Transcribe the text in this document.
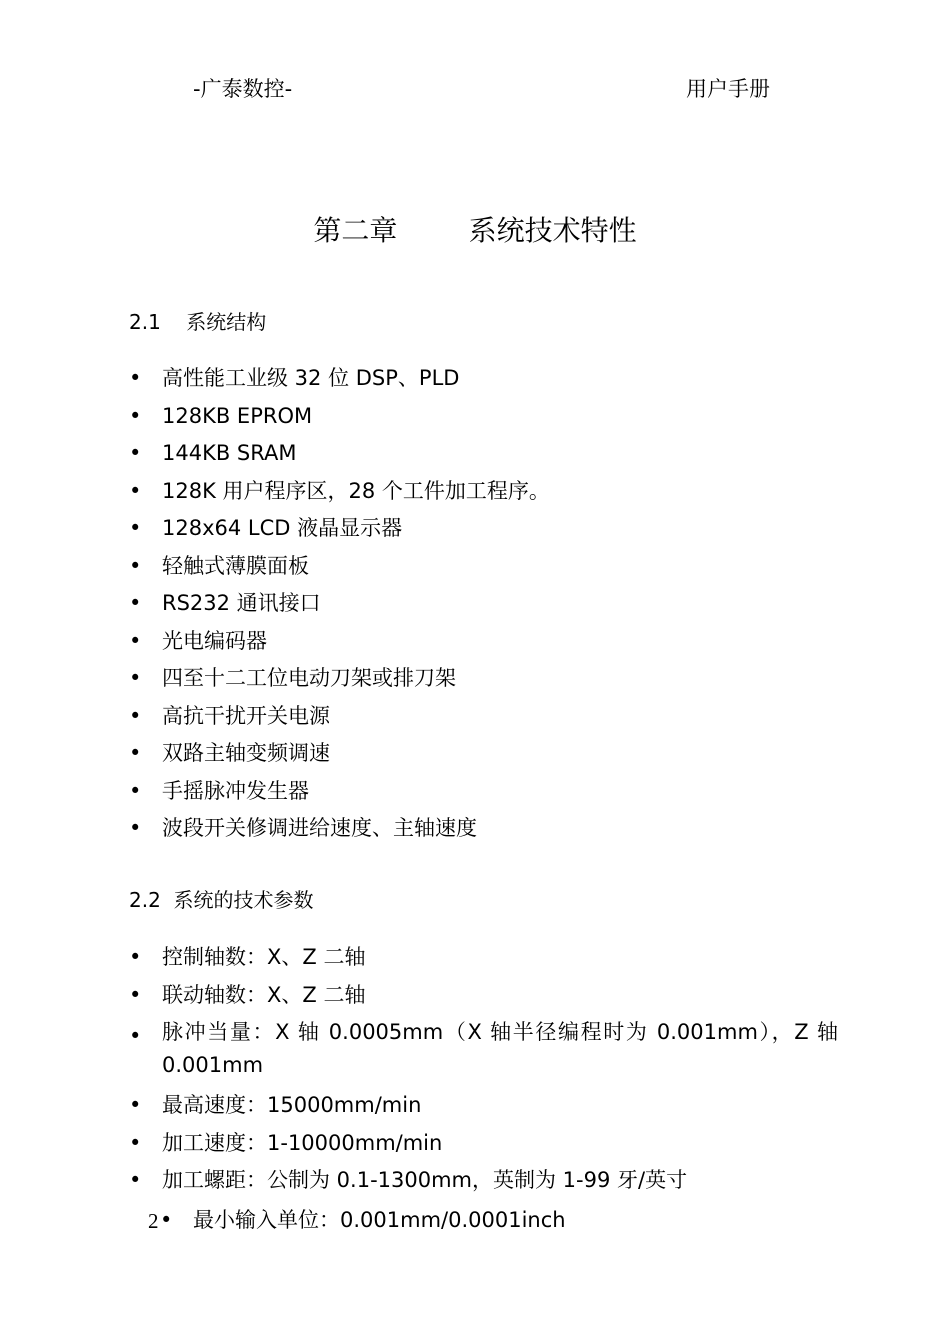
-广泰数控-	用户手册
第二章        系统技术特性
2.1    系统结构
• 高性能工业级 32 位 DSP、PLD
• 128KB EPROM
• 144KB SRAM
• 128K 用户程序区，28 个工件加工程序。
• 128x64 LCD 液晶显示器
• 轻触式薄膜面板
• RS232 通讯接口
• 光电编码器
• 四至十二工位电动刀架或排刀架
• 高抗干扰开关电源
• 双路主轴变频调速
• 手摇脉冲发生器
• 波段开关修调进给速度、主轴速度
2.2  系统的技术参数
• 控制轴数：X、Z 二轴
• 联动轴数：X、Z 二轴
• 脉冲当量：X 轴 0.0005mm（X 轴半径编程时为 0.001mm），Z 轴 0.001mm
• 最高速度：15000mm/min
• 加工速度：1-10000mm/min
• 加工螺距：公制为 0.1-1300mm，英制为 1-99 牙/英寸
2 • 最小输入单位：0.001mm/0.0001inch
